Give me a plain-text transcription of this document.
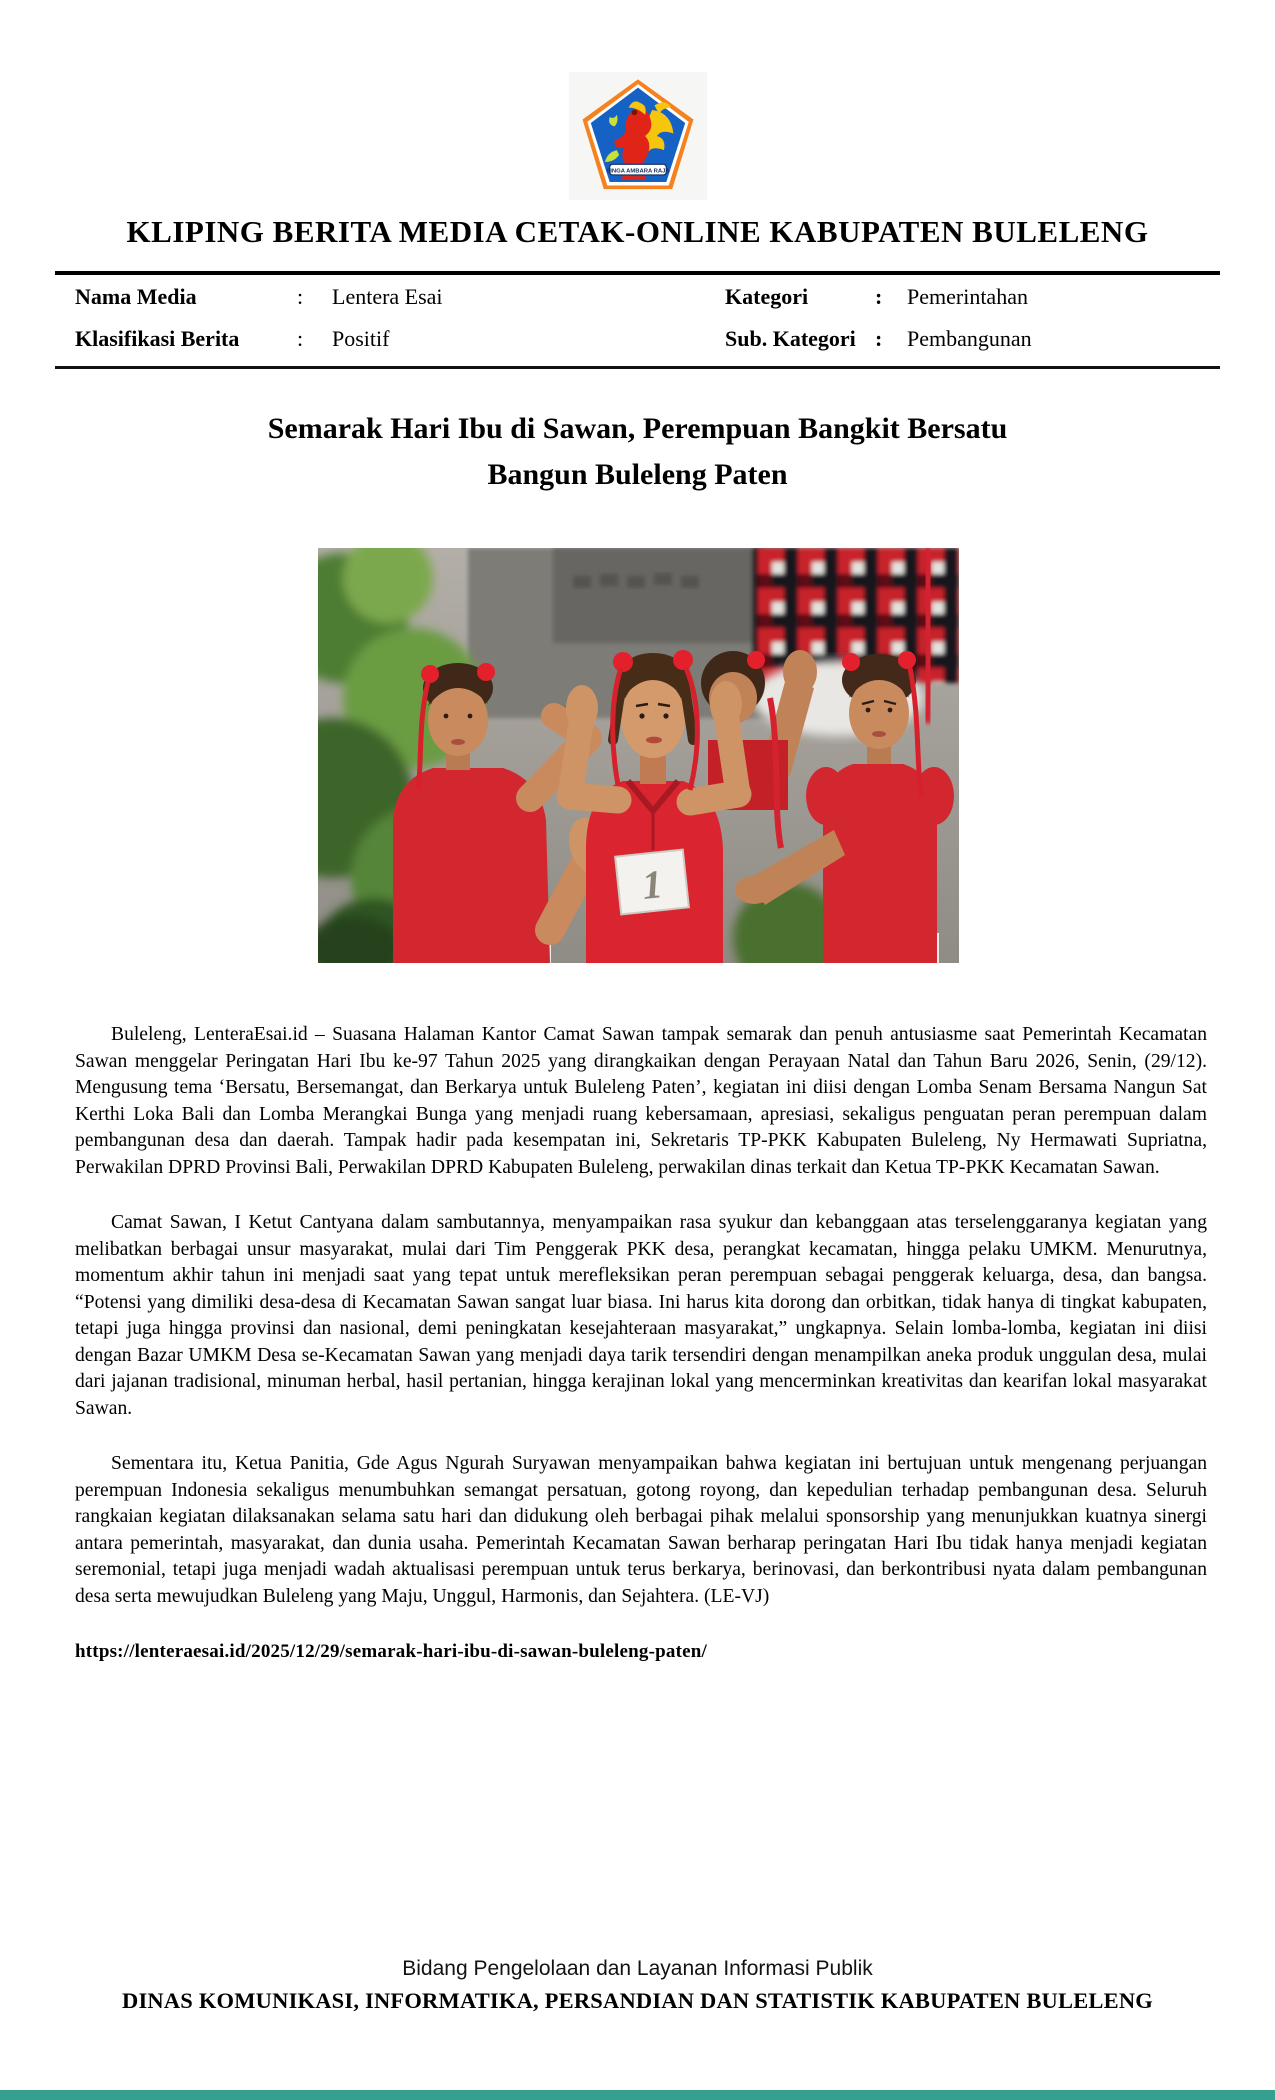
SINGA AMBARA RAJA
KLIPING BERITA MEDIA CETAK-ONLINE KABUPATEN BULELENG
Nama Media	:	Lentera Esai	Kategori	:	Pemerintahan
Klasifikasi Berita	:	Positif	Sub. Kategori :	Pembangunan
Semarak Hari Ibu di Sawan, Perempuan Bangkit Bersatu
Bangun Buleleng Paten
1

Buleleng, LenteraEsai.id – Suasana Halaman Kantor Camat Sawan tampak semarak dan penuh antusiasme saat Pemerintah Kecamatan Sawan menggelar Peringatan Hari Ibu ke-97 Tahun 2025 yang dirangkaikan dengan Perayaan Natal dan Tahun Baru 2026, Senin, (29/12). Mengusung tema ‘Bersatu, Bersemangat, dan Berkarya untuk Buleleng Paten’, kegiatan ini diisi dengan Lomba Senam Bersama Nangun Sat Kerthi Loka Bali dan Lomba Merangkai Bunga yang menjadi ruang kebersamaan, apresiasi, sekaligus penguatan peran perempuan dalam pembangunan desa dan daerah. Tampak hadir pada kesempatan ini, Sekretaris TP-PKK Kabupaten Buleleng, Ny Hermawati Supriatna, Perwakilan DPRD Provinsi Bali, Perwakilan DPRD Kabupaten Buleleng, perwakilan dinas terkait dan Ketua TP-PKK Kecamatan Sawan.

Camat Sawan, I Ketut Cantyana dalam sambutannya, menyampaikan rasa syukur dan kebanggaan atas terselenggaranya kegiatan yang melibatkan berbagai unsur masyarakat, mulai dari Tim Penggerak PKK desa, perangkat kecamatan, hingga pelaku UMKM. Menurutnya, momentum akhir tahun ini menjadi saat yang tepat untuk merefleksikan peran perempuan sebagai penggerak keluarga, desa, dan bangsa. “Potensi yang dimiliki desa-desa di Kecamatan Sawan sangat luar biasa. Ini harus kita dorong dan orbitkan, tidak hanya di tingkat kabupaten, tetapi juga hingga provinsi dan nasional, demi peningkatan kesejahteraan masyarakat,” ungkapnya. Selain lomba-lomba, kegiatan ini diisi dengan Bazar UMKM Desa se-Kecamatan Sawan yang menjadi daya tarik tersendiri dengan menampilkan aneka produk unggulan desa, mulai dari jajanan tradisional, minuman herbal, hasil pertanian, hingga kerajinan lokal yang mencerminkan kreativitas dan kearifan lokal masyarakat Sawan.

Sementara itu, Ketua Panitia, Gde Agus Ngurah Suryawan menyampaikan bahwa kegiatan ini bertujuan untuk mengenang perjuangan perempuan Indonesia sekaligus menumbuhkan semangat persatuan, gotong royong, dan kepedulian terhadap pembangunan desa. Seluruh rangkaian kegiatan dilaksanakan selama satu hari dan didukung oleh berbagai pihak melalui sponsorship yang menunjukkan kuatnya sinergi antara pemerintah, masyarakat, dan dunia usaha. Pemerintah Kecamatan Sawan berharap peringatan Hari Ibu tidak hanya menjadi kegiatan seremonial, tetapi juga menjadi wadah aktualisasi perempuan untuk terus berkarya, berinovasi, dan berkontribusi nyata dalam pembangunan desa serta mewujudkan Buleleng yang Maju, Unggul, Harmonis, dan Sejahtera. (LE-VJ)

https://lenteraesai.id/2025/12/29/semarak-hari-ibu-di-sawan-buleleng-paten/
Bidang Pengelolaan dan Layanan Informasi Publik
DINAS KOMUNIKASI, INFORMATIKA, PERSANDIAN DAN STATISTIK KABUPATEN BULELENG
